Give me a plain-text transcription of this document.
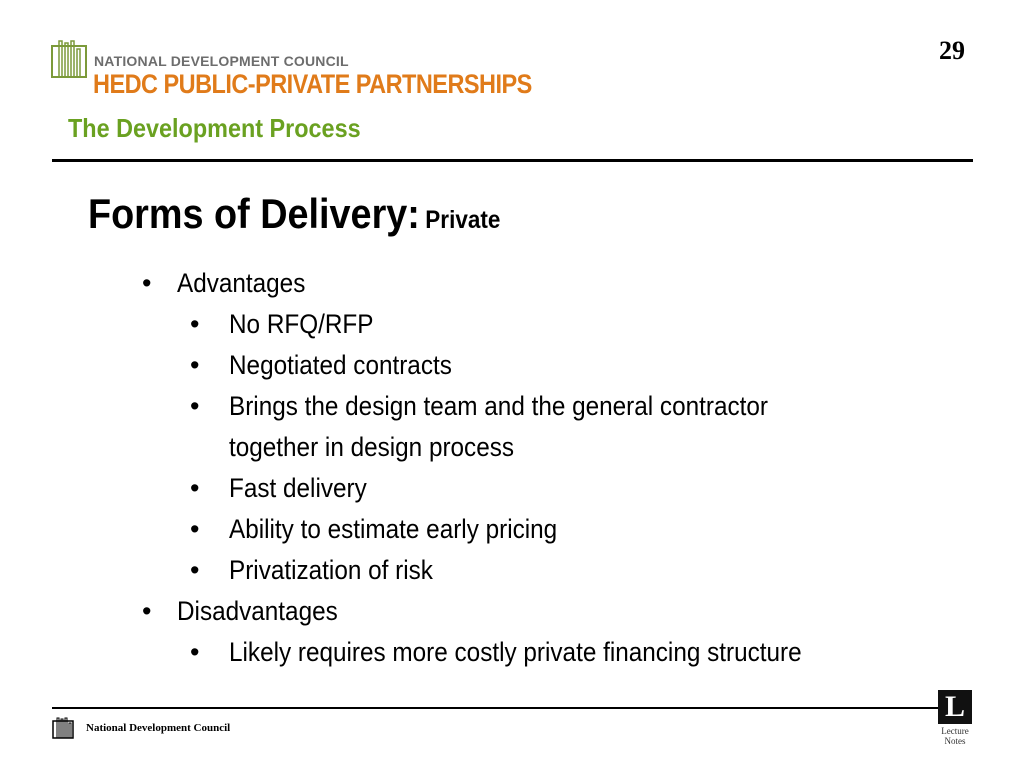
NATIONAL DEVELOPMENT COUNCIL

HEDC PUBLIC-PRIVATE PARTNERSHIPS

The Development Process

29

Forms of Delivery: Private
• Advantages
• No RFQ/RFP
• Negotiated contracts
• Brings the design team and the general contractor
together in design process
• Fast delivery
• Ability to estimate early pricing
• Privatization of risk
• Disadvantages
• Likely requires more costly private financing structure

National Development Council

L
Lecture
Notes
